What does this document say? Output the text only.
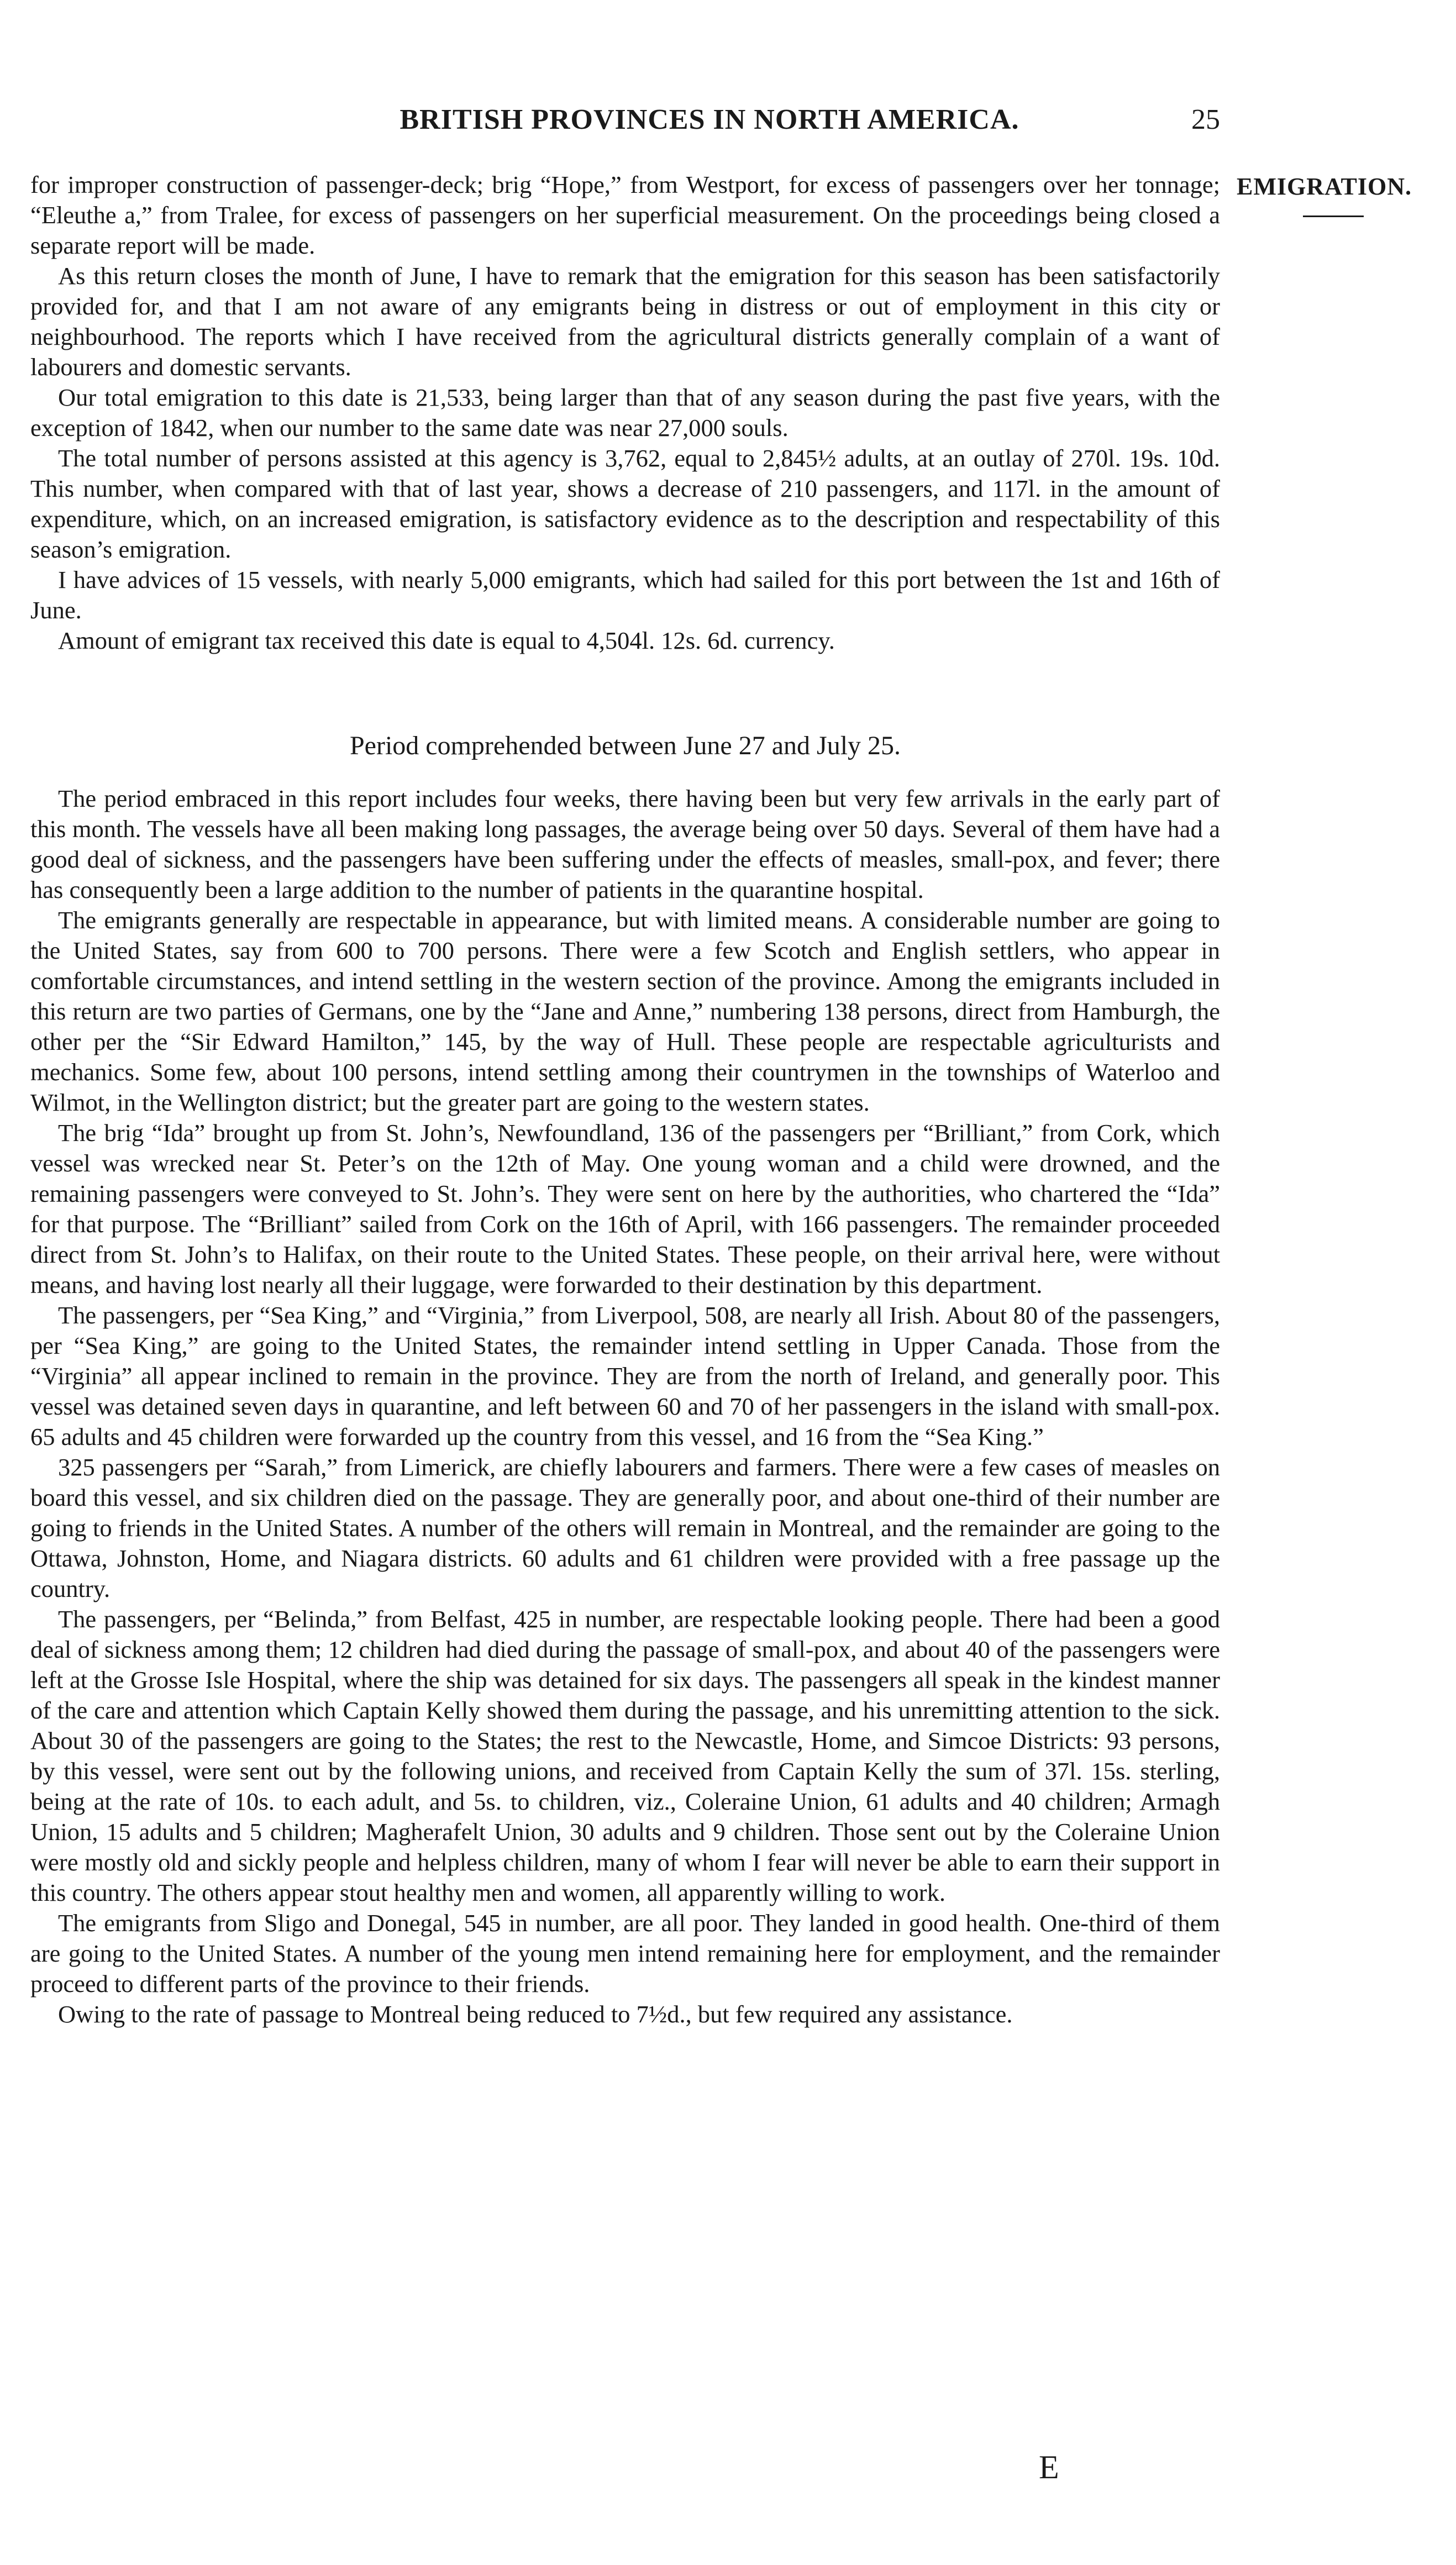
BRITISH PROVINCES IN NORTH AMERICA.	25
EMIGRATION.

for improper construction of passenger-deck; brig “Hope,” from Westport, for excess of passengers over her tonnage; “Eleuthe a,” from Tralee, for excess of passengers on her superficial measurement. On the proceedings being closed a separate report will be made.

As this return closes the month of June, I have to remark that the emigration for this season has been satisfactorily provided for, and that I am not aware of any emigrants being in distress or out of employment in this city or neighbourhood. The reports which I have received from the agricultural districts generally complain of a want of labourers and domestic servants.

Our total emigration to this date is 21,533, being larger than that of any season during the past five years, with the exception of 1842, when our number to the same date was near 27,000 souls.

The total number of persons assisted at this agency is 3,762, equal to 2,845½ adults, at an outlay of 270l. 19s. 10d. This number, when compared with that of last year, shows a decrease of 210 passengers, and 117l. in the amount of expenditure, which, on an increased emigration, is satisfactory evidence as to the description and respectability of this season’s emigration.

I have advices of 15 vessels, with nearly 5,000 emigrants, which had sailed for this port between the 1st and 16th of June.

Amount of emigrant tax received this date is equal to 4,504l. 12s. 6d. currency.

Period comprehended between June 27 and July 25.

The period embraced in this report includes four weeks, there having been but very few arrivals in the early part of this month. The vessels have all been making long passages, the average being over 50 days. Several of them have had a good deal of sickness, and the passengers have been suffering under the effects of measles, small-pox, and fever; there has consequently been a large addition to the number of patients in the quarantine hospital.

The emigrants generally are respectable in appearance, but with limited means. A considerable number are going to the United States, say from 600 to 700 persons. There were a few Scotch and English settlers, who appear in comfortable circumstances, and intend settling in the western section of the province. Among the emigrants included in this return are two parties of Germans, one by the “Jane and Anne,” numbering 138 persons, direct from Hamburgh, the other per the “Sir Edward Hamilton,” 145, by the way of Hull. These people are respectable agriculturists and mechanics. Some few, about 100 persons, intend settling among their countrymen in the townships of Waterloo and Wilmot, in the Wellington district; but the greater part are going to the western states.

The brig “Ida” brought up from St. John’s, Newfoundland, 136 of the passengers per “Brilliant,” from Cork, which vessel was wrecked near St. Peter’s on the 12th of May. One young woman and a child were drowned, and the remaining passengers were conveyed to St. John’s. They were sent on here by the authorities, who chartered the “Ida” for that purpose. The “Brilliant” sailed from Cork on the 16th of April, with 166 passengers. The remainder proceeded direct from St. John’s to Halifax, on their route to the United States. These people, on their arrival here, were without means, and having lost nearly all their luggage, were forwarded to their destination by this department.

The passengers, per “Sea King,” and “Virginia,” from Liverpool, 508, are nearly all Irish. About 80 of the passengers, per “Sea King,” are going to the United States, the remainder intend settling in Upper Canada. Those from the “Virginia” all appear inclined to remain in the province. They are from the north of Ireland, and generally poor. This vessel was detained seven days in quarantine, and left between 60 and 70 of her passengers in the island with small-pox. 65 adults and 45 children were forwarded up the country from this vessel, and 16 from the “Sea King.”

325 passengers per “Sarah,” from Limerick, are chiefly labourers and farmers. There were a few cases of measles on board this vessel, and six children died on the passage. They are generally poor, and about one-third of their number are going to friends in the United States. A number of the others will remain in Montreal, and the remainder are going to the Ottawa, Johnston, Home, and Niagara districts. 60 adults and 61 children were provided with a free passage up the country.

The passengers, per “Belinda,” from Belfast, 425 in number, are respectable looking people. There had been a good deal of sickness among them; 12 children had died during the passage of small-pox, and about 40 of the passengers were left at the Grosse Isle Hospital, where the ship was detained for six days. The passengers all speak in the kindest manner of the care and attention which Captain Kelly showed them during the passage, and his unremitting attention to the sick. About 30 of the passengers are going to the States; the rest to the Newcastle, Home, and Simcoe Districts: 93 persons, by this vessel, were sent out by the following unions, and received from Captain Kelly the sum of 37l. 15s. sterling, being at the rate of 10s. to each adult, and 5s. to children, viz., Coleraine Union, 61 adults and 40 children; Armagh Union, 15 adults and 5 children; Magherafelt Union, 30 adults and 9 children. Those sent out by the Coleraine Union were mostly old and sickly people and helpless children, many of whom I fear will never be able to earn their support in this country. The others appear stout healthy men and women, all apparently willing to work.

The emigrants from Sligo and Donegal, 545 in number, are all poor. They landed in good health. One-third of them are going to the United States. A number of the young men intend remaining here for employment, and the remainder proceed to different parts of the province to their friends.

Owing to the rate of passage to Montreal being reduced to 7½d., but few required any assistance.

E
